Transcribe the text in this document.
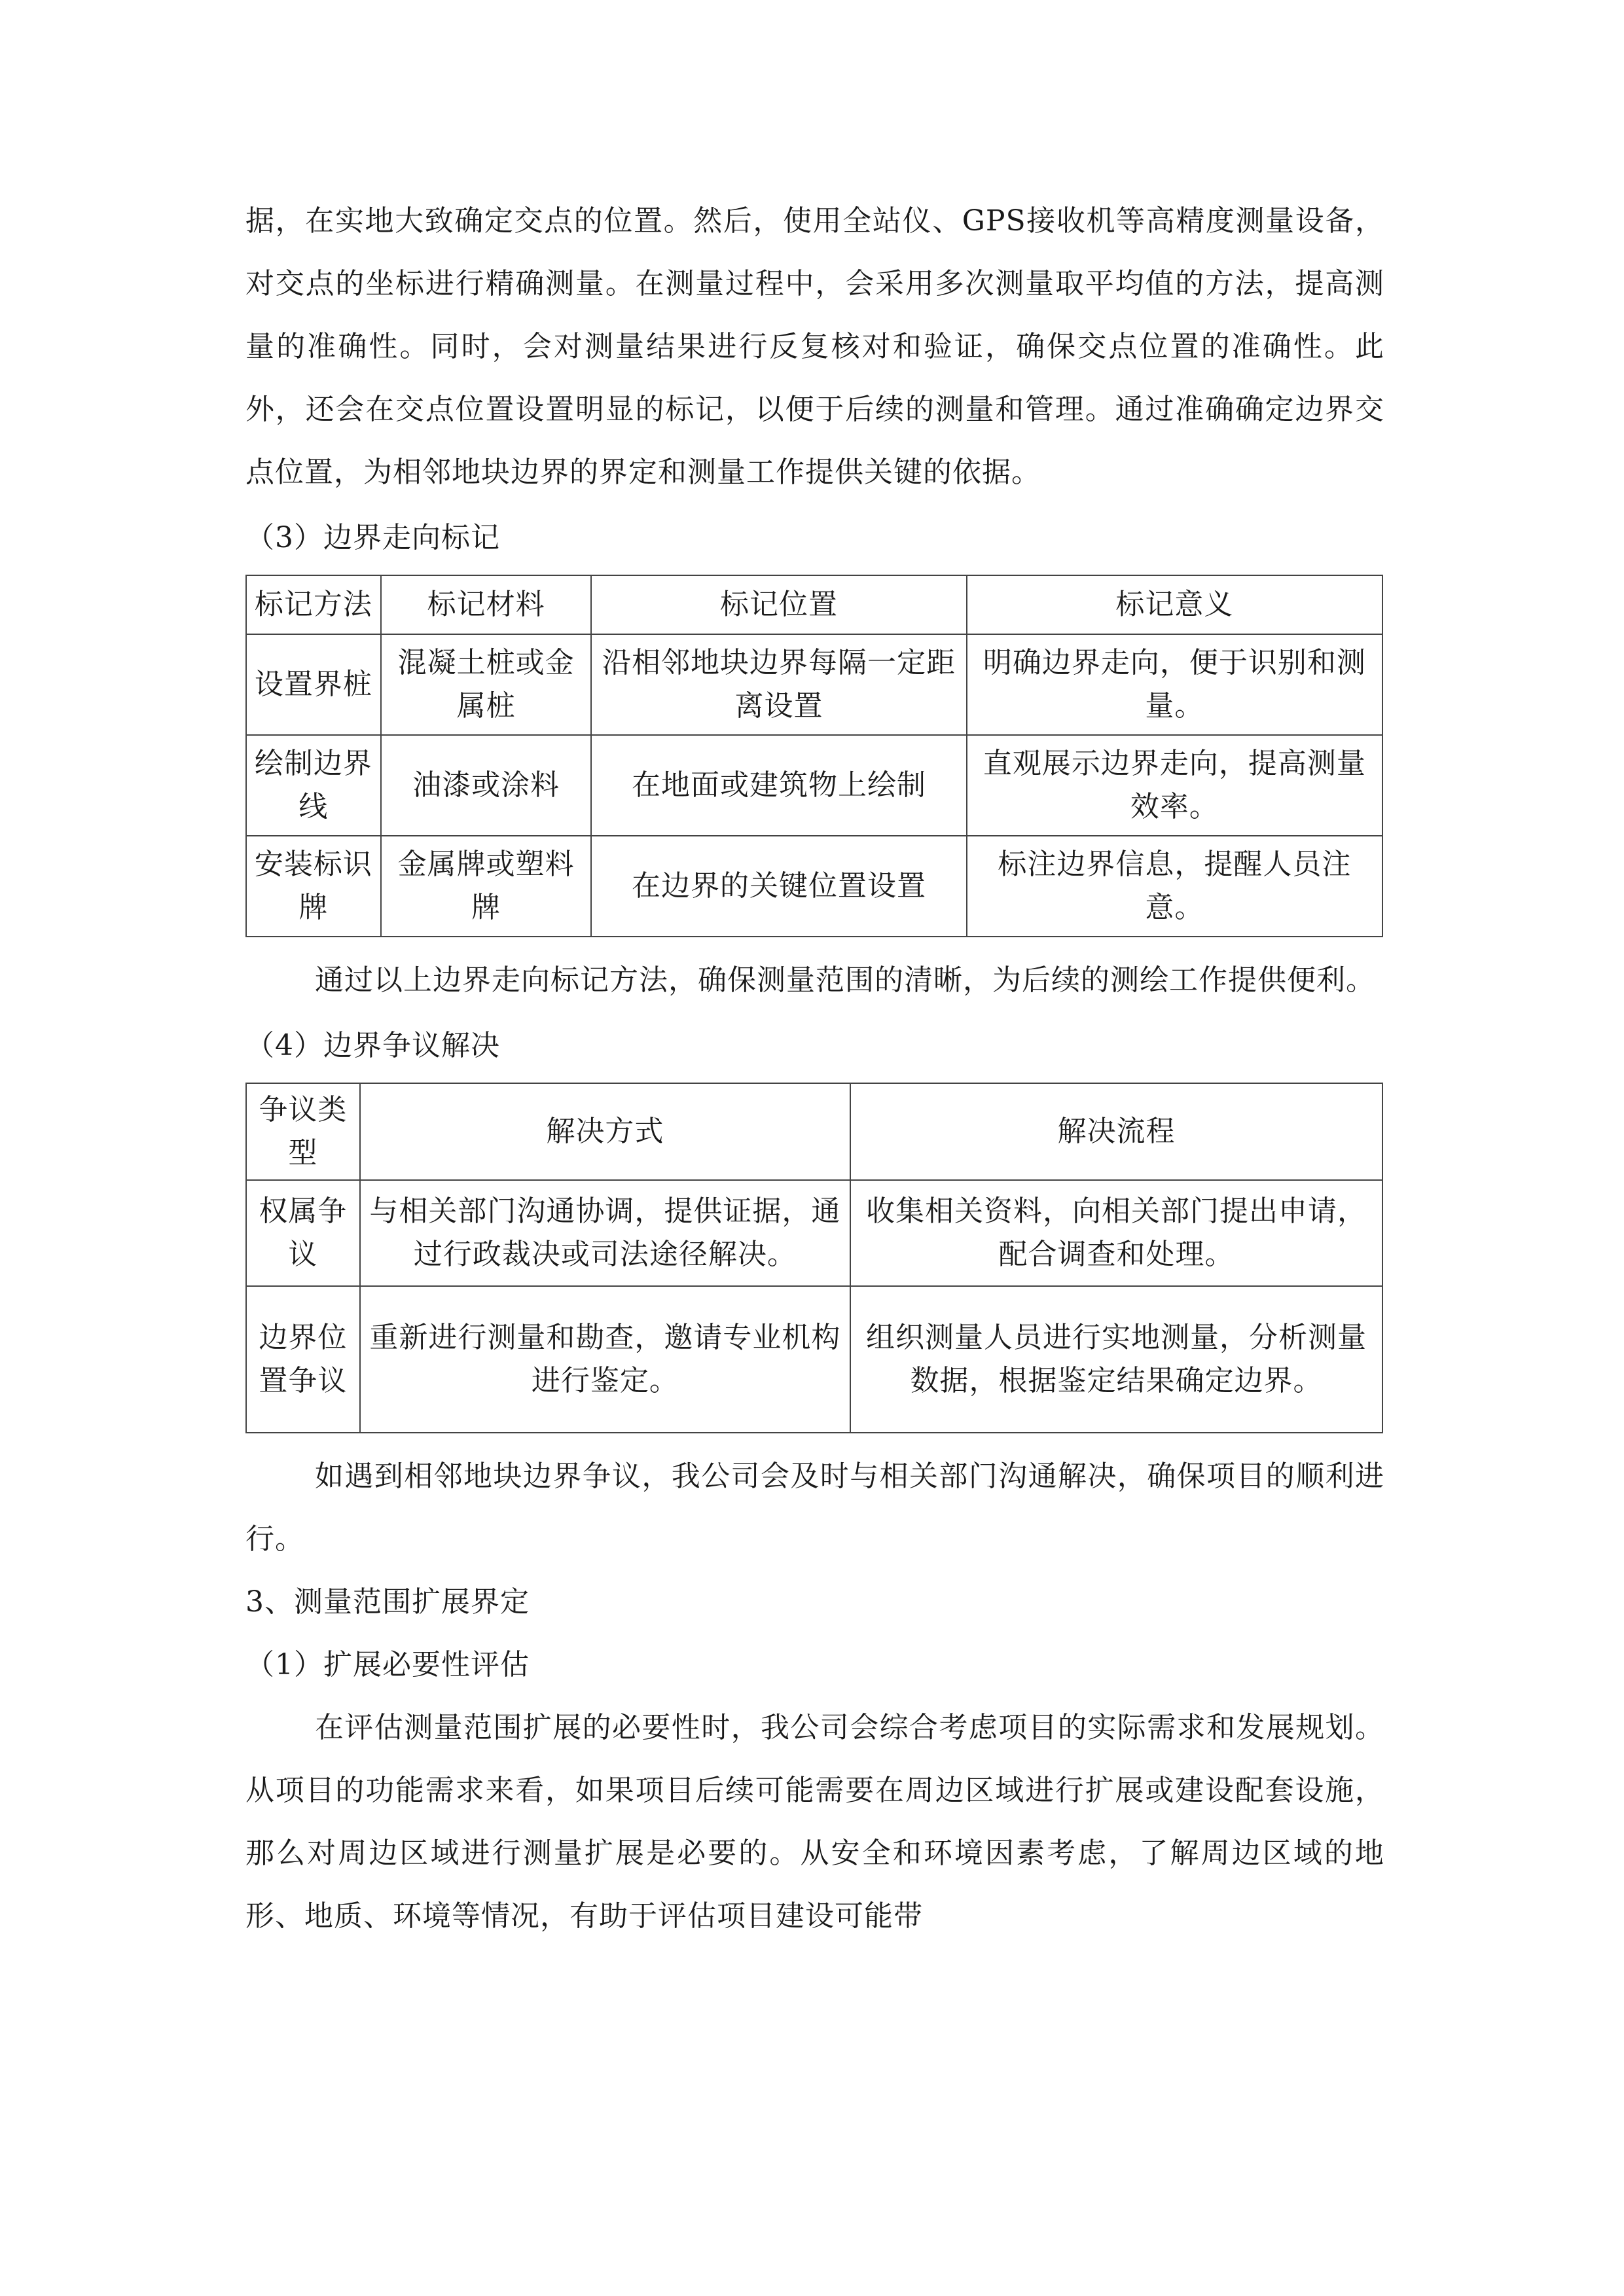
据，在实地大致确定交点的位置。然后，使用全站仪、GPS接收机等高精度测量设备，对交点的坐标进行精确测量。在测量过程中，会采用多次测量取平均值的方法，提高测量的准确性。同时，会对测量结果进行反复核对和验证，确保交点位置的准确性。此外，还会在交点位置设置明显的标记，以便于后续的测量和管理。通过准确确定边界交点位置，为相邻地块边界的界定和测量工作提供关键的依据。

（3）边界走向标记

标记方法	标记材料	标记位置	标记意义
设置界桩	混凝土桩或金属桩	沿相邻地块边界每隔一定距离设置	明确边界走向，便于识别和测量。
绘制边界线	油漆或涂料	在地面或建筑物上绘制	直观展示边界走向，提高测量效率。
安装标识牌	金属牌或塑料牌	在边界的关键位置设置	标注边界信息，提醒人员注意。

通过以上边界走向标记方法，确保测量范围的清晰，为后续的测绘工作提供便利。

（4）边界争议解决

争议类型	解决方式	解决流程
权属争议	与相关部门沟通协调，提供证据，通过行政裁决或司法途径解决。	收集相关资料，向相关部门提出申请，配合调查和处理。
边界位置争议	重新进行测量和勘查，邀请专业机构进行鉴定。	组织测量人员进行实地测量，分析测量数据，根据鉴定结果确定边界。

如遇到相邻地块边界争议，我公司会及时与相关部门沟通解决，确保项目的顺利进行。

3、测量范围扩展界定

（1）扩展必要性评估

在评估测量范围扩展的必要性时，我公司会综合考虑项目的实际需求和发展规划。从项目的功能需求来看，如果项目后续可能需要在周边区域进行扩展或建设配套设施，那么对周边区域进行测量扩展是必要的。从安全和环境因素考虑，了解周边区域的地形、地质、环境等情况，有助于评估项目建设可能带
